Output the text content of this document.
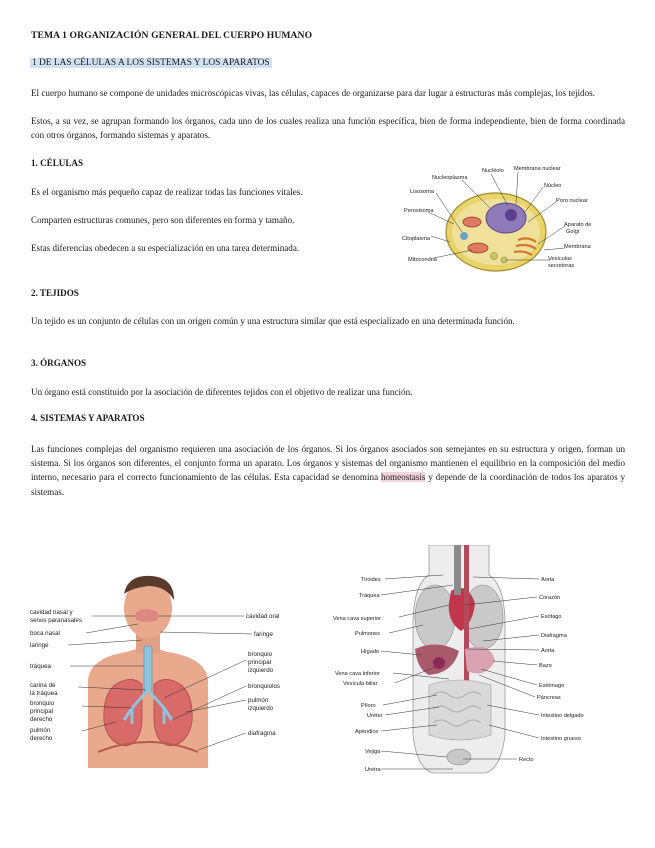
TEMA 1 ORGANIZACIÓN GENERAL DEL CUERPO HUMANO
1 DE LAS CÉLULAS A LOS SISTEMAS Y LOS APARATOS

El cuerpo humano se compone de unidades microscópicas vivas, las células, capaces de organizarse para dar lugar a estructuras más complejas, los tejidos.

Estos, a su vez, se agrupan formando los órganos, cada uno de los cuales realiza una función específica, bien de forma independiente, bien de forma coordinada con otros órganos, formando sistemas y aparatos.

1. CÉLULAS
Es el organismo más pequeño capaz de realizar todas las funciones vitales.
Comparten estructuras comunes, pero son diferentes en forma y tamaño.
Estas diferencias obedecen a su especialización en una tarea determinada.
Nucleoplasma
Nucléolo Membrana nuclear
Núcleo
Poro nuclear
Lisosoma
Peroxisoma
Aparato de
Golgi
Citoplasma
Membrana
Mitocondria	Vesículas
secretoras
2. TEJIDOS

Un tejido es un conjunto de células con un origen común y una estructura similar que está especializado en una determinada función.

3. ÓRGANOS

Un órgano está constituido por la asociación de diferentes tejidos con el objetivo de realizar una función.

4. SISTEMAS Y APARATOS

Las funciones complejas del organismo requieren una asociación de los órganos. Si los órganos asociados son semejantes en su estructura y origen, forman un sistema. Si los órganos son diferentes, el conjunto forma un aparato. Los órganos y sistemas del organismo mantienen el equilibrio en la composición del medio interno, necesario para el correcto funcionamiento de las células. Esta capacidad se denomina homeostasis y depende de la coordinación de todos los aparatos y sistemas.

cavidad nasal y
senos paranasales
boca nasal
laringe
tráquea
carina de
la tráquea
bronquio
principal
derecho
pulmón
derecho
cavidad oral
faringe
bronquio
principal
izquierdo
bronquiolos
pulmón
izquierdo
diafragma
Tiroides
Tráquea
Vena cava superior
Pulmones
Hígado
Vena cava inferior
Vesícula biliar
Píloro
Uréter
Apéndice
Vejiga
Uretra
Aorta
Corazón
Esófago
Diafragma
Aorta
Bazo
Estómago
Páncreas
Intestino delgado
Intestino grueso
Recto
